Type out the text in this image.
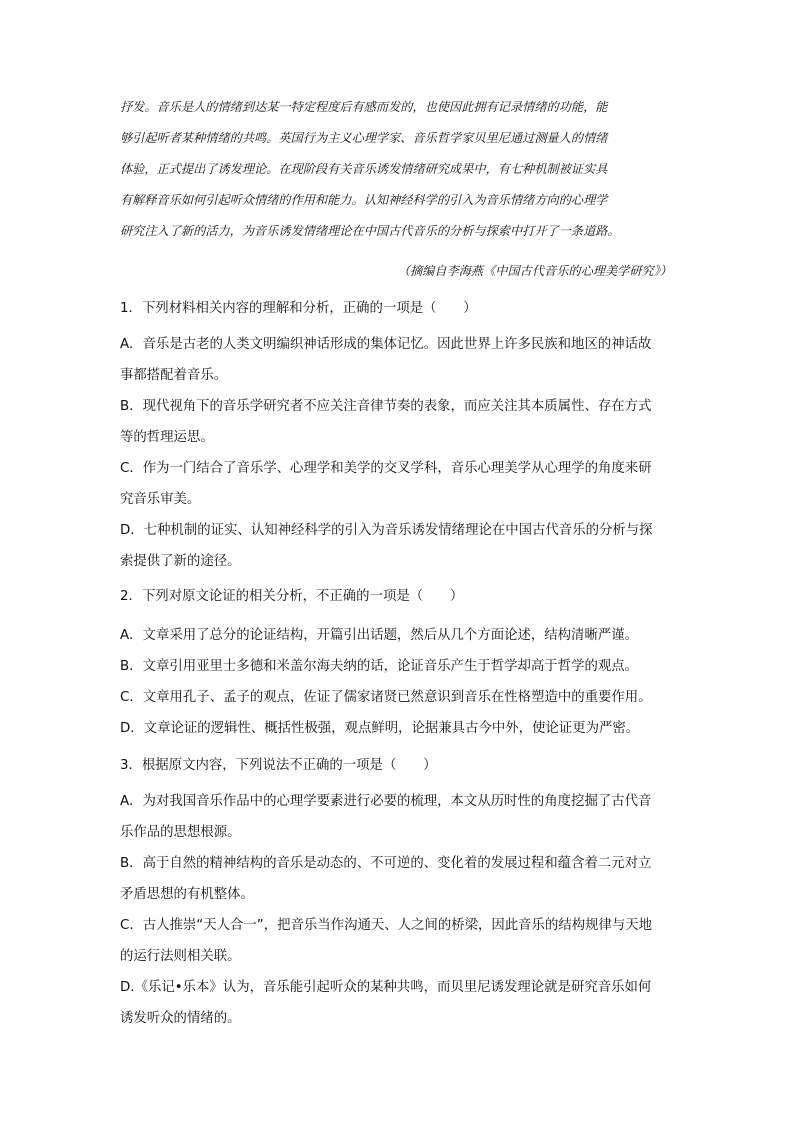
抒发。音乐是人的情绪到达某一特定程度后有感而发的，也使因此拥有记录情绪的功能，能
够引起听者某种情绪的共鸣。英国行为主义心理学家、音乐哲学家贝里尼通过测量人的情绪
体验，正式提出了诱发理论。在现阶段有关音乐诱发情绪研究成果中，有七种机制被证实具
有解释音乐如何引起听众情绪的作用和能力。认知神经科学的引入为音乐情绪方向的心理学
研究注入了新的活力，为音乐诱发情绪理论在中国古代音乐的分析与探索中打开了一条道路。
（摘编自李海燕《中国古代音乐的心理美学研究》）
1．下列材料相关内容的理解和分析，正确的一项是（　　）
A．音乐是古老的人类文明编织神话形成的集体记忆。因此世界上许多民族和地区的神话故
事都搭配着音乐。
B．现代视角下的音乐学研究者不应关注音律节奏的表象，而应关注其本质属性、存在方式
等的哲理运思。
C．作为一门结合了音乐学、心理学和美学的交叉学科，音乐心理美学从心理学的角度来研
究音乐审美。
D．七种机制的证实、认知神经科学的引入为音乐诱发情绪理论在中国古代音乐的分析与探
索提供了新的途径。
2．下列对原文论证的相关分析，不正确的一项是（　　）
A．文章采用了总分的论证结构，开篇引出话题，然后从几个方面论述，结构清晰严谨。
B．文章引用亚里士多德和米盖尔海夫纳的话，论证音乐产生于哲学却高于哲学的观点。
C．文章用孔子、孟子的观点，佐证了儒家诸贤已然意识到音乐在性格塑造中的重要作用。
D．文章论证的逻辑性、概括性极强，观点鲜明，论据兼具古今中外，使论证更为严密。
3．根据原文内容，下列说法不正确的一项是（　　）
A．为对我国音乐作品中的心理学要素进行必要的梳理，本文从历时性的角度挖掘了古代音
乐作品的思想根源。
B．高于自然的精神结构的音乐是动态的、不可逆的、变化着的发展过程和蕴含着二元对立
矛盾思想的有机整体。
C．古人推崇“天人合一”，把音乐当作沟通天、人之间的桥梁，因此音乐的结构规律与天地
的运行法则相关联。
D.《乐记•乐本》认为，音乐能引起听众的某种共鸣，而贝里尼诱发理论就是研究音乐如何
诱发听众的情绪的。
